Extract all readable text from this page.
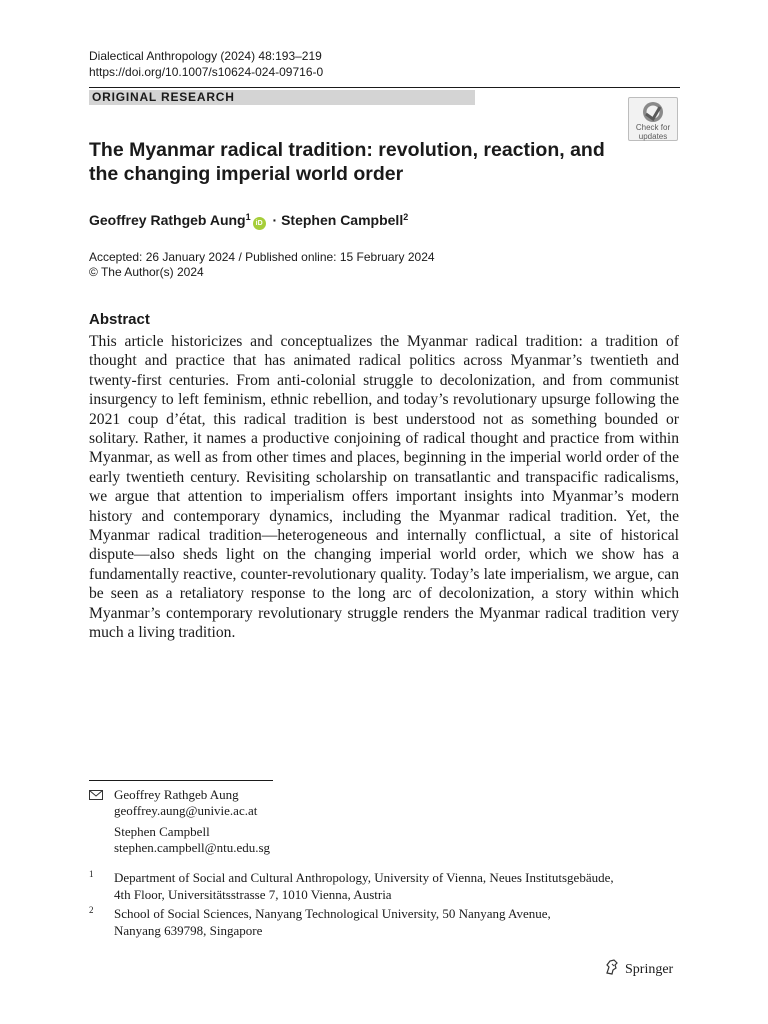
Dialectical Anthropology (2024) 48:193–219
https://doi.org/10.1007/s10624-024-09716-0
ORIGINAL RESEARCH
Check for
updates
The Myanmar radical tradition: revolution, reaction, and the changing imperial world order
Geoffrey Rathgeb Aung$^1$iD · Stephen Campbell$^2$
Accepted: 26 January 2024 / Published online: 15 February 2024
© The Author(s) 2024
Abstract

This article historicizes and conceptualizes the Myanmar radical tradition: a tradition of thought and practice that has animated radical politics across Myanmar’s twentieth and twenty-first centuries. From anti-colonial struggle to decolonization, and from communist insurgency to left feminism, ethnic rebellion, and today’s revolutionary upsurge following the 2021 coup d’état, this radical tradition is best understood not as something bounded or solitary. Rather, it names a productive conjoining of radical thought and practice from within Myanmar, as well as from other times and places, beginning in the imperial world order of the early twentieth century. Revisiting scholarship on transatlantic and transpacific radicalisms, we argue that attention to imperialism offers important insights into Myanmar’s modern history and contemporary dynamics, including the Myanmar radical tradition. Yet, the Myanmar radical tradition—heterogeneous and internally conflictual, a site of historical dispute—also sheds light on the changing imperial world order, which we show has a fundamentally reactive, counter-revolutionary quality. Today’s late imperialism, we argue, can be seen as a retaliatory response to the long arc of decolonization, a story within which Myanmar’s contemporary revolutionary struggle renders the Myanmar radical tradition very much a living tradition.

Geoffrey Rathgeb Aung
geoffrey.aung@univie.ac.at
Stephen Campbell
stephen.campbell@ntu.edu.sg
1 Department of Social and Cultural Anthropology, University of Vienna, Neues Institutsgebäude,
4th Floor, Universitätsstrasse 7, 1010 Vienna, Austria
2 School of Social Sciences, Nanyang Technological University, 50 Nanyang Avenue,
Nanyang 639798, Singapore
Springer
